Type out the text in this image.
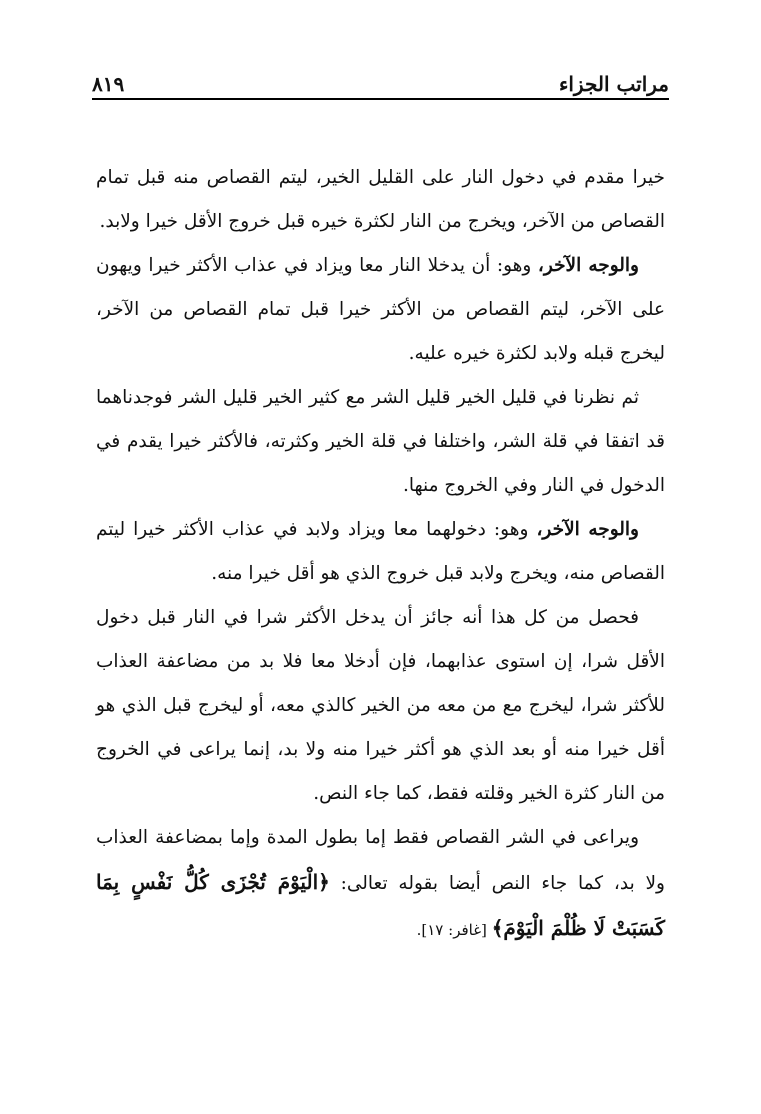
مراتب الجزاء
٨١٩

خيرا مقدم في دخول النار على القليل الخير، ليتم القصاص منه قبل تمام القصاص من الآخر، ويخرج من النار لكثرة خيره قبل خروج الأقل خيرا ولابد.

والوجه الآخر، وهو: أن يدخلا النار معا ويزاد في عذاب الأكثر خيرا ويهون على الآخر، ليتم القصاص من الأكثر خيرا قبل تمام القصاص من الآخر، ليخرج قبله ولابد لكثرة خيره عليه.

ثم نظرنا في قليل الخير قليل الشر مع كثير الخير قليل الشر فوجدناهما قد اتفقا في قلة الشر، واختلفا في قلة الخير وكثرته، فالأكثر خيرا يقدم في الدخول في النار وفي الخروج منها.

والوجه الآخر، وهو: دخولهما معا ويزاد ولابد في عذاب الأكثر خيرا ليتم القصاص منه، ويخرج ولابد قبل خروج الذي هو أقل خيرا منه.

فحصل من كل هذا أنه جائز أن يدخل الأكثر شرا في النار قبل دخول الأقل شرا، إن استوى عذابهما، فإن أدخلا معا فلا بد من مضاعفة العذاب للأكثر شرا، ليخرج مع من معه من الخير كالذي معه، أو ليخرج قبل الذي هو أقل خيرا منه أو بعد الذي هو أكثر خيرا منه ولا بد، إنما يراعى في الخروج من النار كثرة الخير وقلته فقط، كما جاء النص.

ويراعى في الشر القصاص فقط إما بطول المدة وإما بمضاعفة العذاب ولا بد، كما جاء النص أيضا بقوله تعالى: ﴿الْيَوْمَ تُجْزَى كُلُّ نَفْسٍ بِمَا كَسَبَتْ لَا ظُلْمَ الْيَوْمَ﴾ [غافر: ١٧].
